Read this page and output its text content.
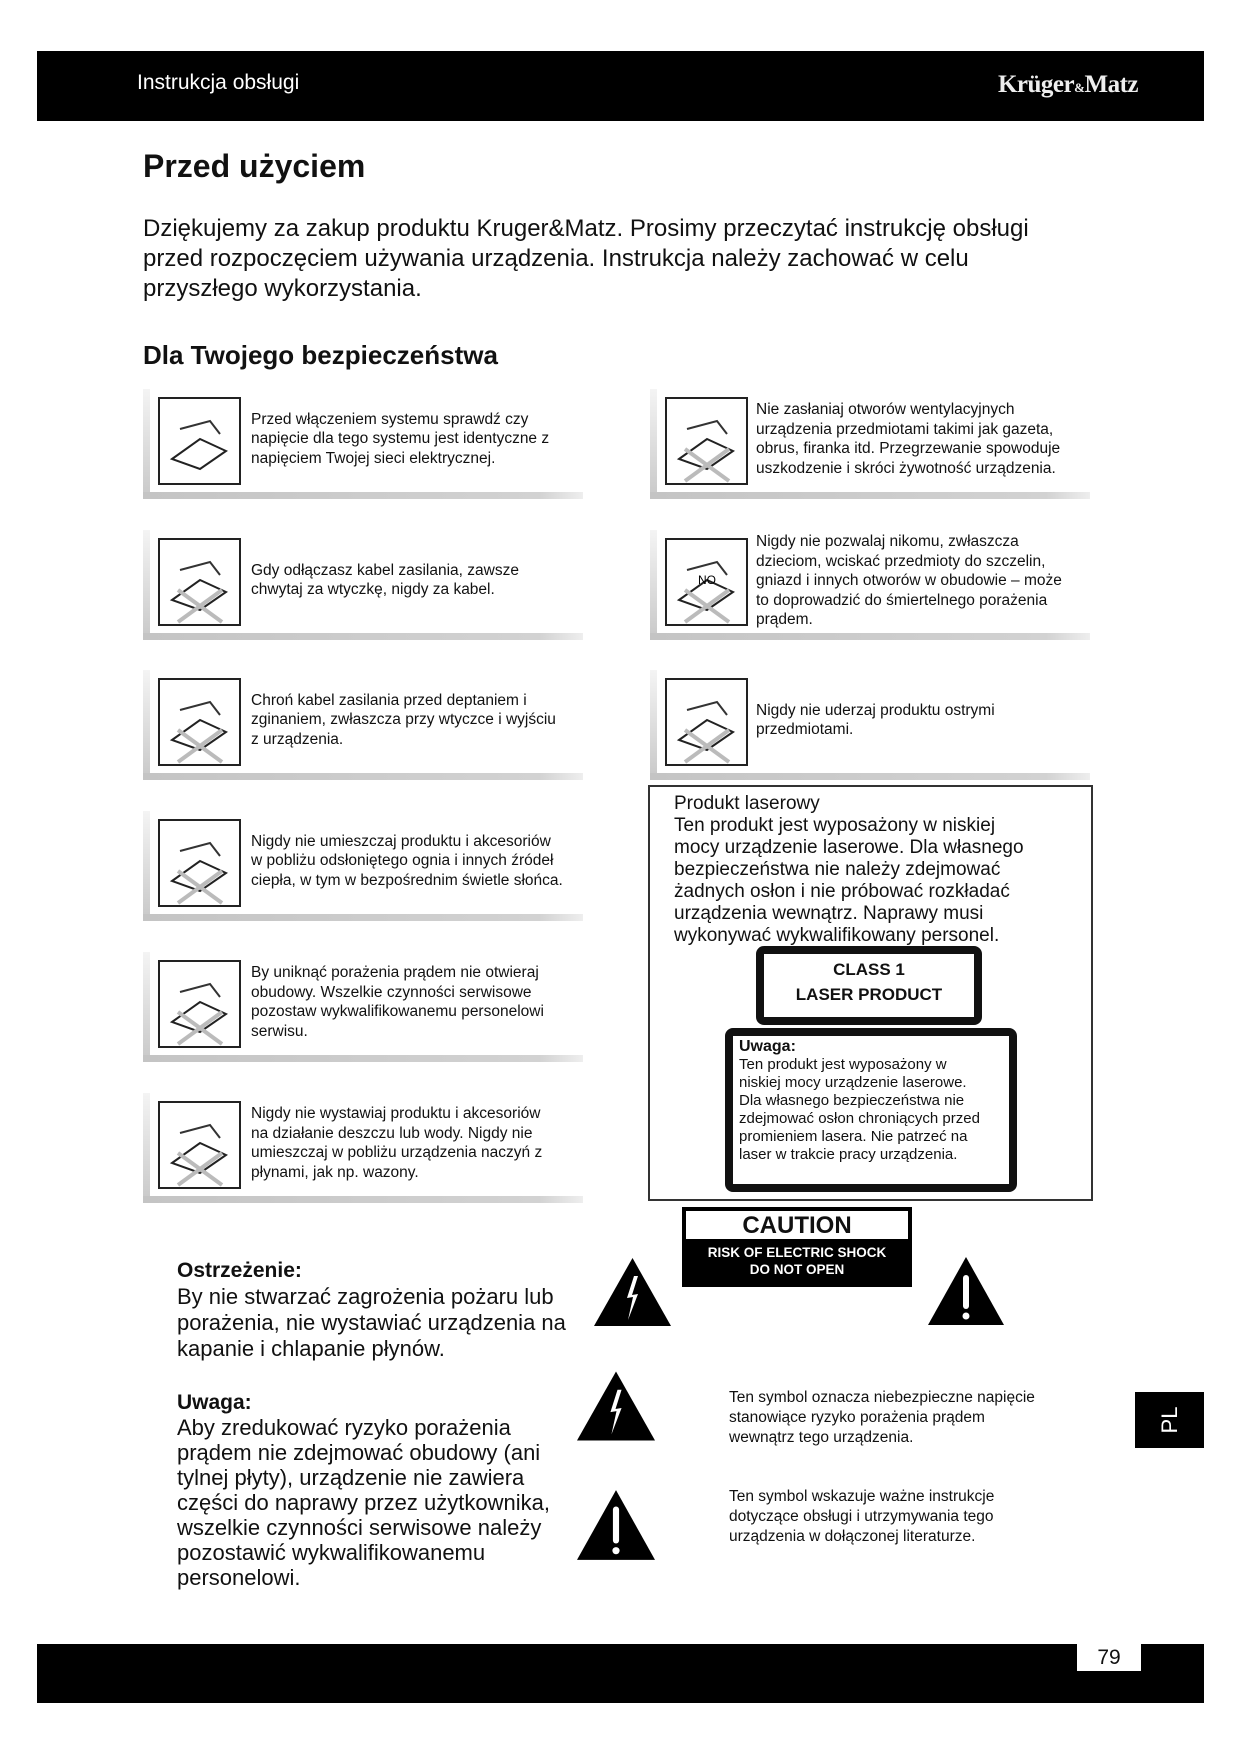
Instrukcja obsługi	Krüger&Matz
Przed użyciem
Dziękujemy za zakup produktu Kruger&Matz. Prosimy przeczytać instrukcję obsługi
przed rozpoczęciem używania urządzenia. Instrukcja należy zachować w celu
przyszłego wykorzystania.
Dla Twojego bezpieczeństwa
Przed włączeniem systemu sprawdź czy
napięcie dla tego systemu jest identyczne z
napięciem Twojej sieci elektrycznej.
Gdy odłączasz kabel zasilania, zawsze
chwytaj za wtyczkę, nigdy za kabel.
Chroń kabel zasilania przed deptaniem i
zginaniem, zwłaszcza przy wtyczce i wyjściu
z urządzenia.
Nigdy nie umieszczaj produktu i akcesoriów
w pobliżu odsłoniętego ognia i innych źródeł
ciepła, w tym w bezpośrednim świetle słońca.
By uniknąć porażenia prądem nie otwieraj
obudowy. Wszelkie czynności serwisowe
pozostaw wykwalifikowanemu personelowi
serwisu.
Nigdy nie wystawiaj produktu i akcesoriów
na działanie deszczu lub wody. Nigdy nie
umieszczaj w pobliżu urządzenia naczyń z
płynami, jak np. wazony.
Nie zasłaniaj otworów wentylacyjnych
urządzenia przedmiotami takimi jak gazeta,
obrus, firanka itd. Przegrzewanie spowoduje
uszkodzenie i skróci żywotność urządzenia.
NO
Nigdy nie pozwalaj nikomu, zwłaszcza
dzieciom, wciskać przedmioty do szczelin,
gniazd i innych otworów w obudowie – może
to doprowadzić do śmiertelnego porażenia
prądem.
Nigdy nie uderzaj produktu ostrymi
przedmiotami.
Produkt laserowy
Ten produkt jest wyposażony w niskiej
mocy urządzenie laserowe. Dla własnego
bezpieczeństwa nie należy zdejmować
żadnych osłon i nie próbować rozkładać
urządzenia wewnątrz. Naprawy musi
wykonywać wykwalifikowany personel.
CLASS 1
LASER PRODUCT
Uwaga:
Ten produkt jest wyposażony w
niskiej mocy urządzenie laserowe.
Dla własnego bezpieczeństwa nie
zdejmować osłon chroniących przed
promieniem lasera. Nie patrzeć na
laser w trakcie pracy urządzenia.
CAUTION
RISK OF ELECTRIC SHOCK
DO NOT OPEN
Ostrzeżenie:
By nie stwarzać zagrożenia pożaru lub
porażenia, nie wystawiać urządzenia na
kapanie i chlapanie płynów.
Uwaga:
Aby zredukować ryzyko porażenia
prądem nie zdejmować obudowy (ani
tylnej płyty), urządzenie nie zawiera
części do naprawy przez użytkownika,
wszelkie czynności serwisowe należy
pozostawić wykwalifikowanemu
personelowi.
Ten symbol oznacza niebezpieczne napięcie
stanowiące ryzyko porażenia prądem
wewnątrz tego urządzenia.
Ten symbol wskazuje ważne instrukcje
dotyczące obsługi i utrzymywania tego
urządzenia w dołączonej literaturze.
PL
79
